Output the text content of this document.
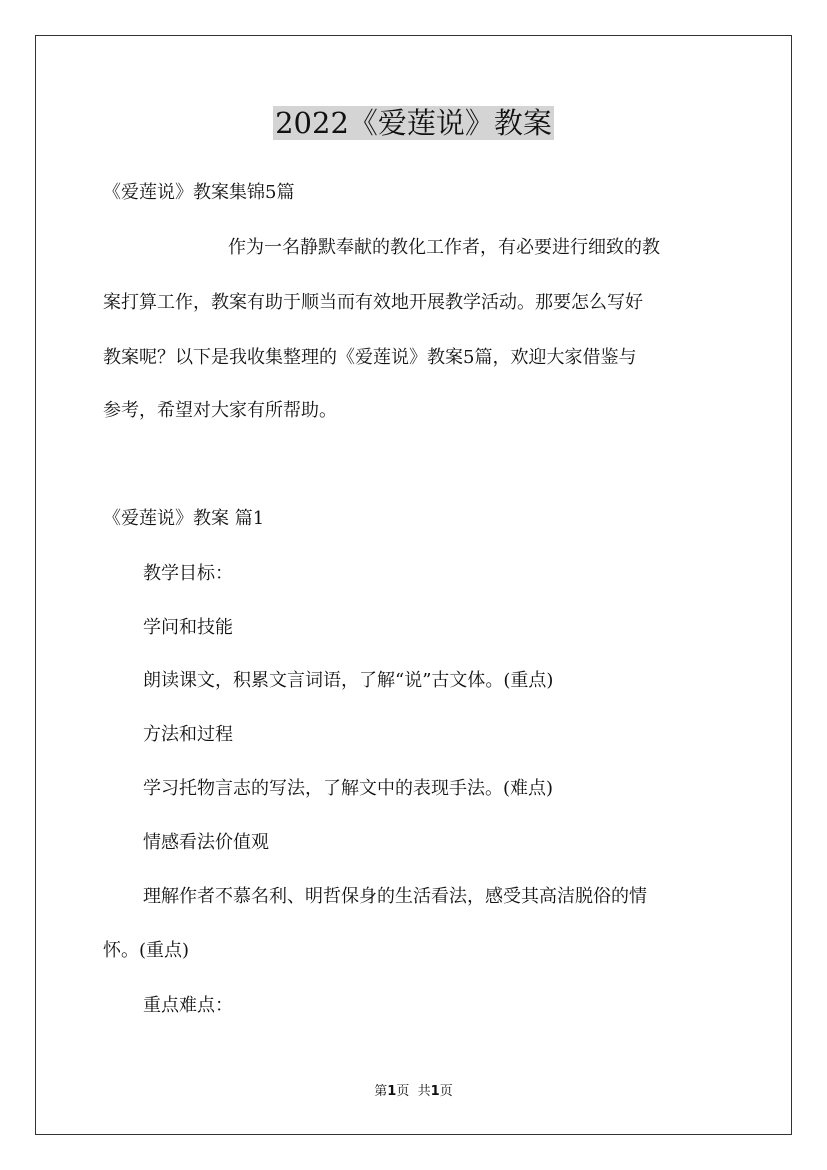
2022《爱莲说》教案
《爱莲说》教案集锦5篇
作为一名静默奉献的教化工作者，有必要进行细致的教
案打算工作，教案有助于顺当而有效地开展教学活动。那要怎么写好
教案呢？以下是我收集整理的《爱莲说》教案5篇，欢迎大家借鉴与
参考，希望对大家有所帮助。
《爱莲说》教案 篇1
教学目标：
学问和技能
朗读课文，积累文言词语，了解“说”古文体。(重点)
方法和过程
学习托物言志的写法，了解文中的表现手法。(难点)
情感看法价值观
理解作者不慕名利、明哲保身的生活看法，感受其高洁脱俗的情
怀。(重点)
重点难点：
第1页 共1页
